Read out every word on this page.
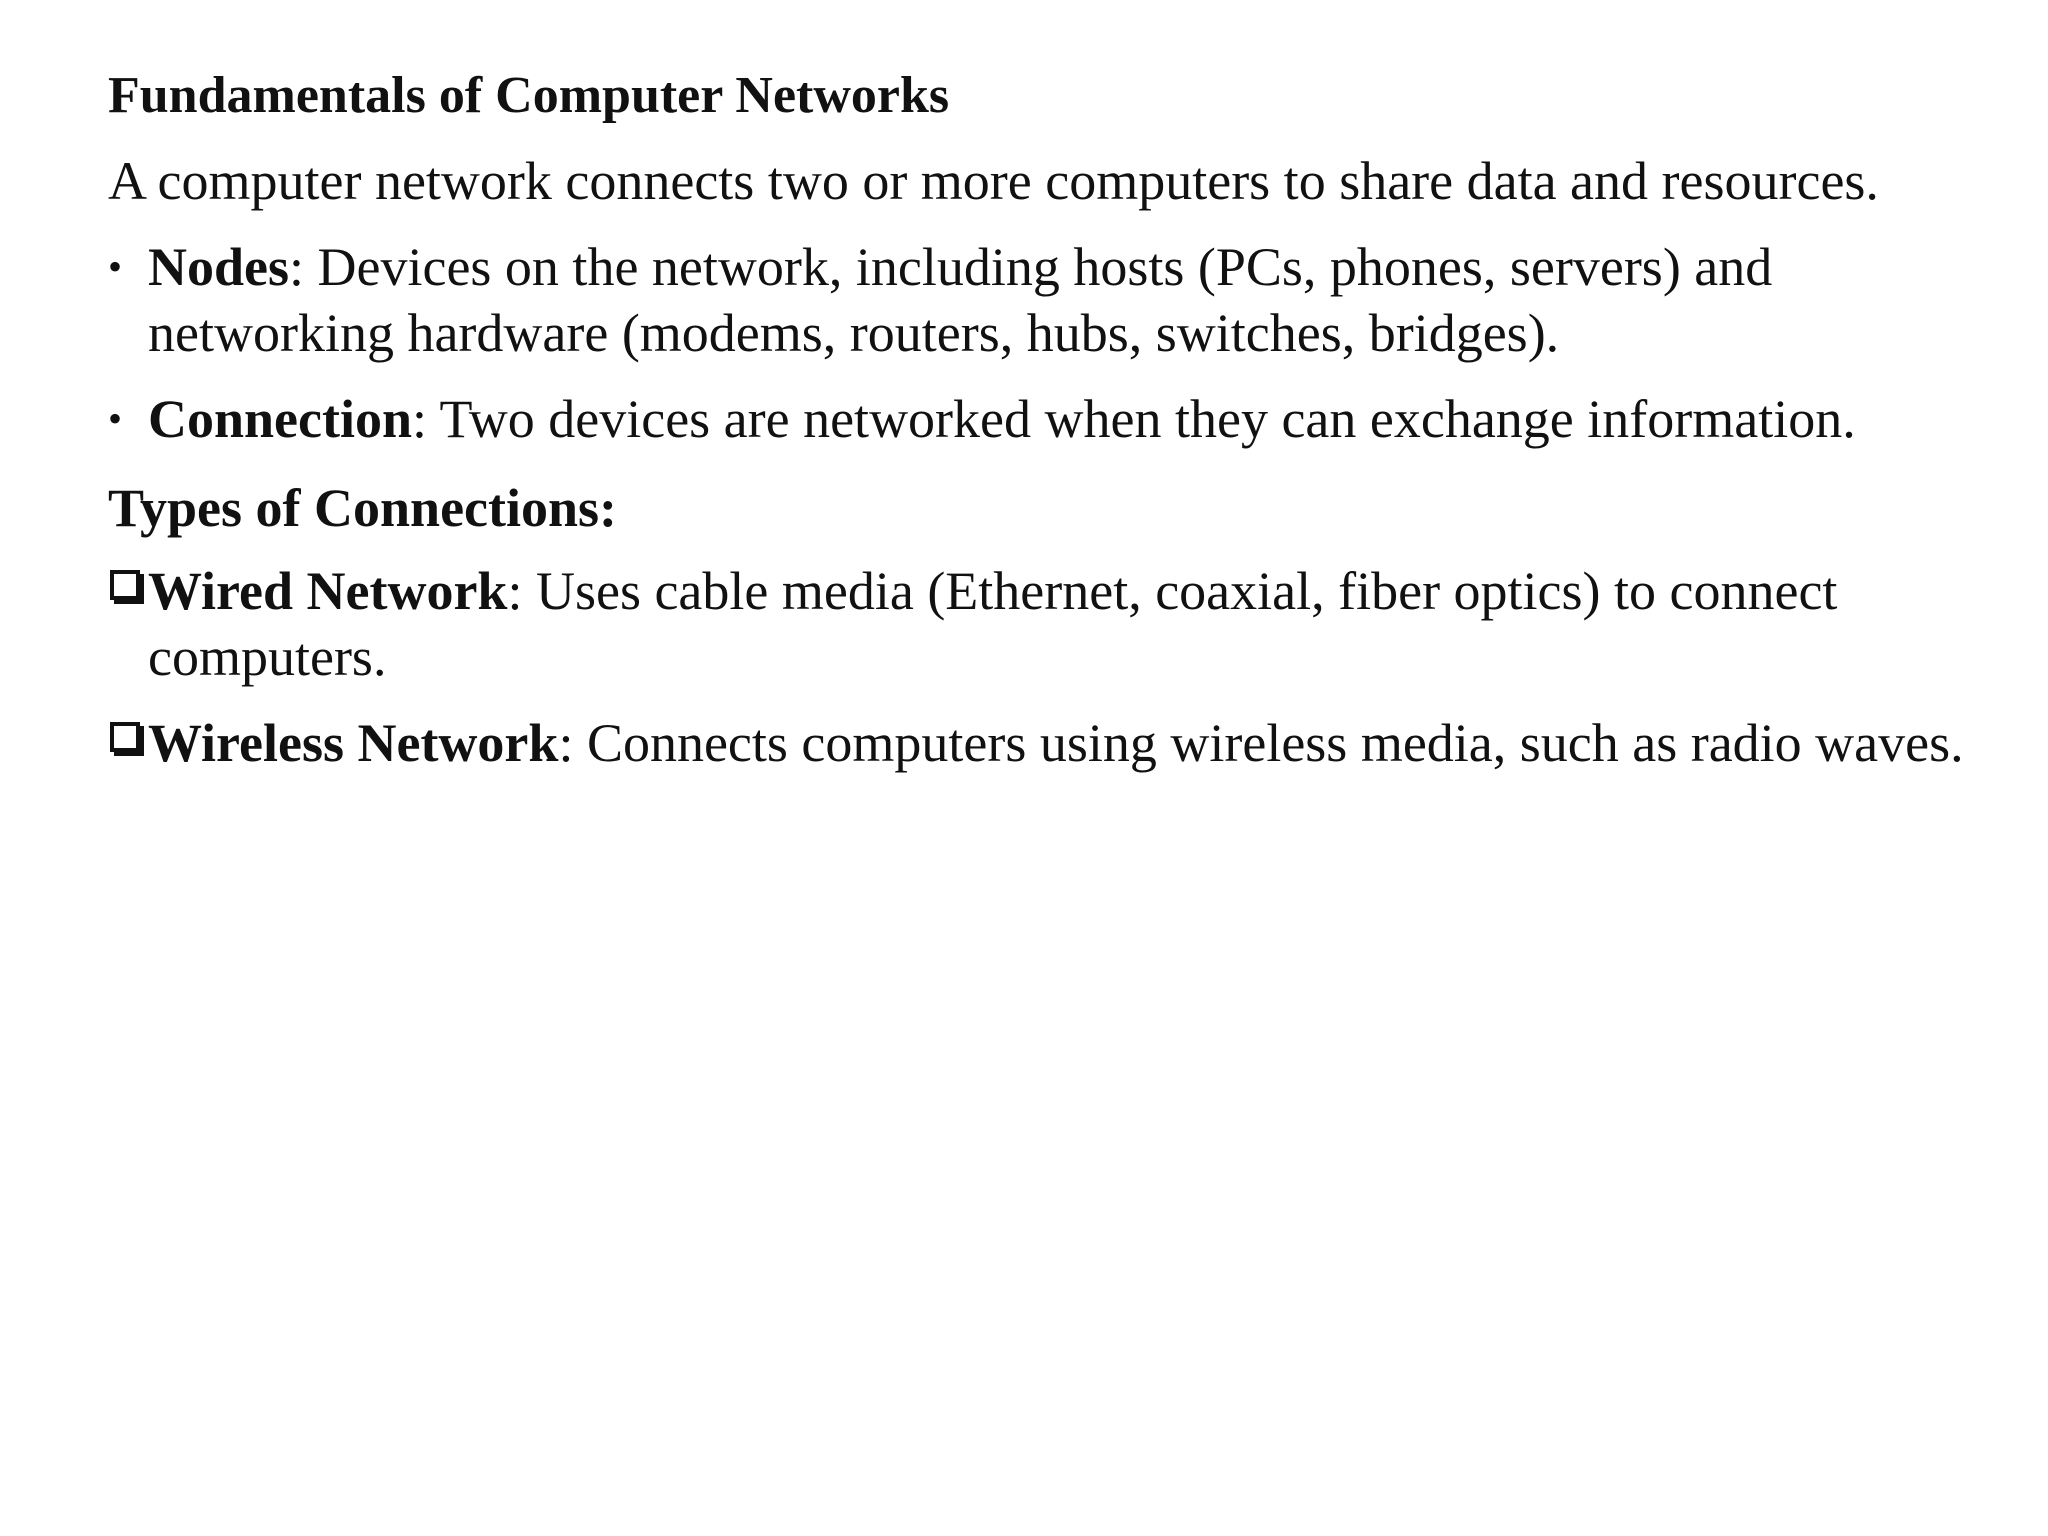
Fundamentals of Computer Networks
A computer network connects two or more computers to share data and resources.
• Nodes: Devices on the network, including hosts (PCs, phones, servers) and networking hardware (modems, routers, hubs, switches, bridges).
• Connection: Two devices are networked when they can exchange information.
Types of Connections:
Wired Network: Uses cable media (Ethernet, coaxial, fiber optics) to connect computers.
Wireless Network: Connects computers using wireless media, such as radio waves.
